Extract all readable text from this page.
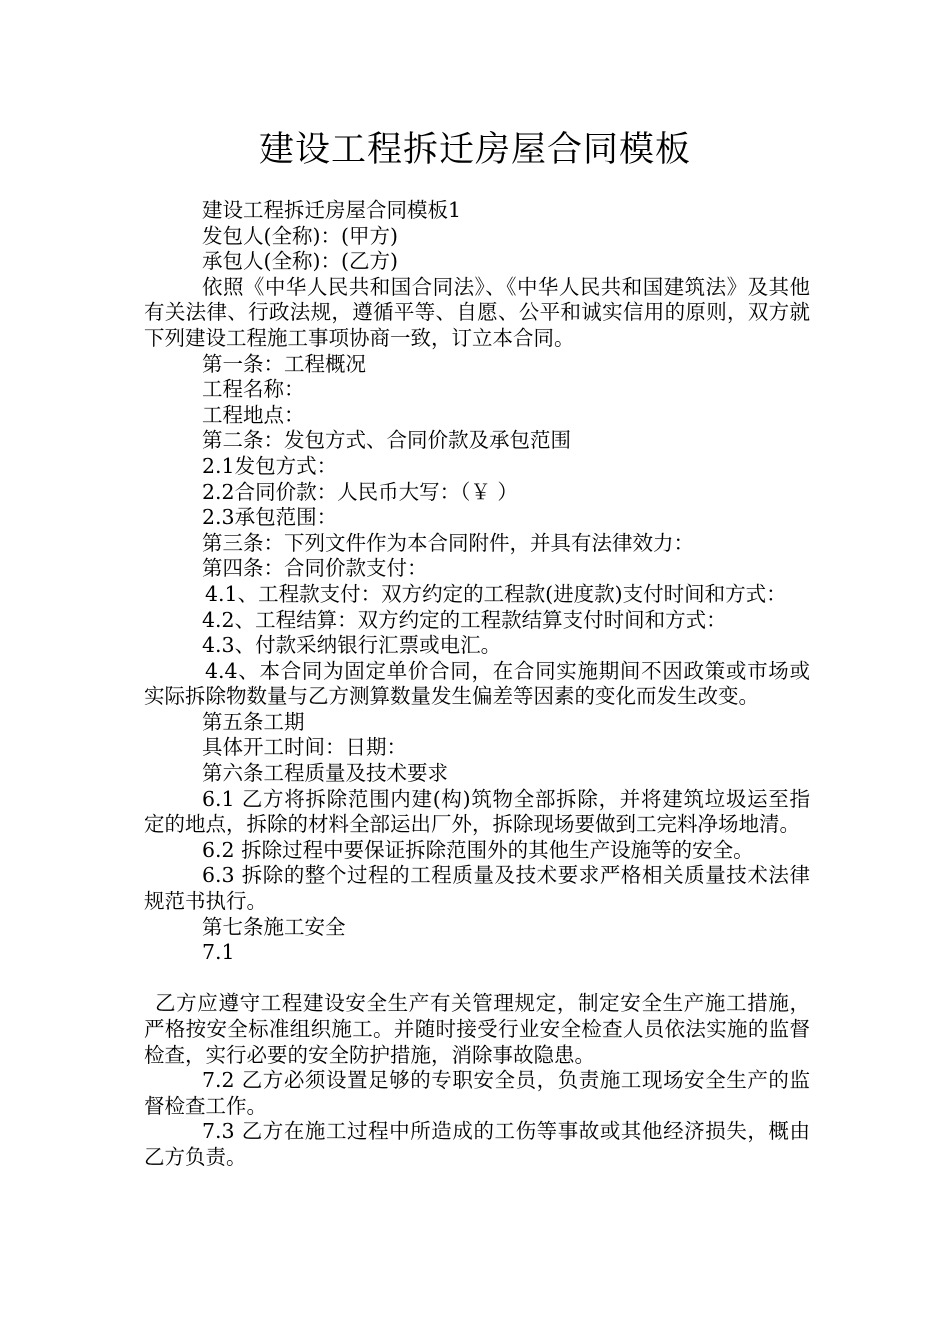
建设工程拆迁房屋合同模板

建设工程拆迁房屋合同模板1

发包人(全称)：(甲方)

承包人(全称)：(乙方)

依照《中华人民共和国合同法》、《中华人民共和国建筑法》及其他有关法律、行政法规，遵循平等、自愿、公平和诚实信用的原则，双方就下列建设工程施工事项协商一致，订立本合同。

第一条：工程概况

工程名称：

工程地点：

第二条：发包方式、合同价款及承包范围

2.1发包方式：

2.2合同价款：人民币大写：（￥ ）

2.3承包范围：

第三条：下列文件作为本合同附件，并具有法律效力：

第四条：合同价款支付：

4.1、工程款支付：双方约定的工程款(进度款)支付时间和方式：

4.2、工程结算：双方约定的工程款结算支付时间和方式：

4.3、付款采纳银行汇票或电汇。

4.4、本合同为固定单价合同，在合同实施期间不因政策或市场或实际拆除物数量与乙方测算数量发生偏差等因素的变化而发生改变。

第五条工期

具体开工时间：日期：

第六条工程质量及技术要求

6.1 乙方将拆除范围内建(构)筑物全部拆除，并将建筑垃圾运至指定的地点，拆除的材料全部运出厂外，拆除现场要做到工完料净场地清。

6.2 拆除过程中要保证拆除范围外的其他生产设施等的安全。

6.3 拆除的整个过程的工程质量及技术要求严格相关质量技术法律规范书执行。

第七条施工安全

7.1

乙方应遵守工程建设安全生产有关管理规定，制定安全生产施工措施，严格按安全标准组织施工。并随时接受行业安全检查人员依法实施的监督检查，实行必要的安全防护措施，消除事故隐患。

7.2 乙方必须设置足够的专职安全员，负责施工现场安全生产的监督检查工作。

7.3 乙方在施工过程中所造成的工伤等事故或其他经济损失，概由乙方负责。
